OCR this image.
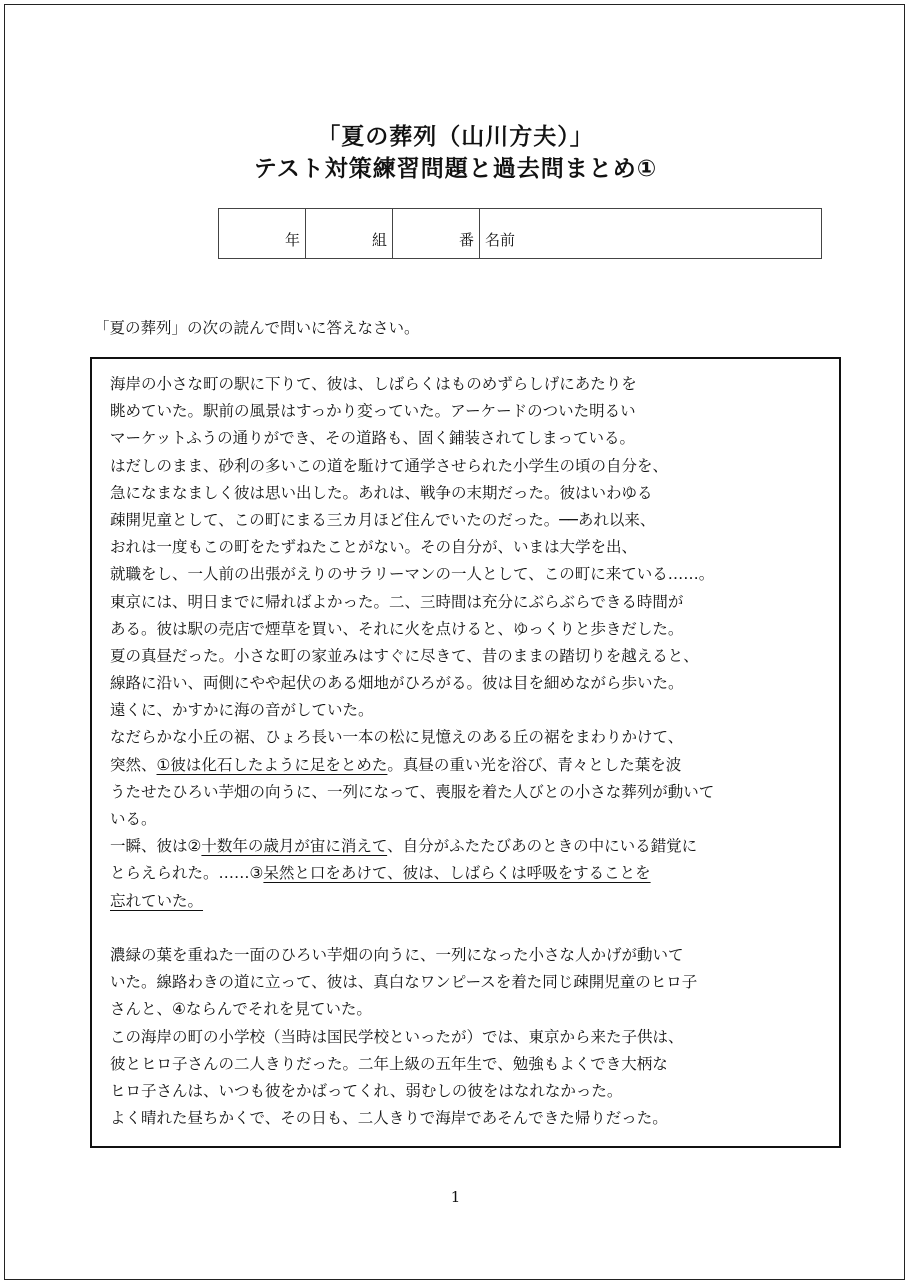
「夏の葬列（山川方夫）」
テスト対策練習問題と過去問まとめ①
年	組	番	名前
「夏の葬列」の次の読んで問いに答えなさい。
海岸の小さな町の駅に下りて、彼は、しばらくはものめずらしげにあたりを
眺めていた。駅前の風景はすっかり変っていた。アーケードのついた明るい
マーケットふうの通りができ、その道路も、固く鋪装されてしまっている。
はだしのまま、砂利の多いこの道を駈けて通学させられた小学生の頃の自分を、
急になまなましく彼は思い出した。あれは、戦争の末期だった。彼はいわゆる
疎開児童として、この町にまる三カ月ほど住んでいたのだった。──あれ以来、
おれは一度もこの町をたずねたことがない。その自分が、いまは大学を出、
就職をし、一人前の出張がえりのサラリーマンの一人として、この町に来ている……。
東京には、明日までに帰ればよかった。二、三時間は充分にぶらぶらできる時間が
ある。彼は駅の売店で煙草を買い、それに火を点けると、ゆっくりと歩きだした。
夏の真昼だった。小さな町の家並みはすぐに尽きて、昔のままの踏切りを越えると、
線路に沿い、両側にやや起伏のある畑地がひろがる。彼は目を細めながら歩いた。
遠くに、かすかに海の音がしていた。
なだらかな小丘の裾、ひょろ長い一本の松に見憶えのある丘の裾をまわりかけて、
突然、①彼は化石したように足をとめた。真昼の重い光を浴び、青々とした葉を波
うたせたひろい芋畑の向うに、一列になって、喪服を着た人びとの小さな葬列が動いて
いる。
一瞬、彼は②十数年の歳月が宙に消えて、自分がふたたびあのときの中にいる錯覚に
とらえられた。……③呆然と口をあけて、彼は、しばらくは呼吸をすることを
忘れていた。
濃緑の葉を重ねた一面のひろい芋畑の向うに、一列になった小さな人かげが動いて
いた。線路わきの道に立って、彼は、真白なワンピースを着た同じ疎開児童のヒロ子
さんと、④ならんでそれを見ていた。
この海岸の町の小学校（当時は国民学校といったが）では、東京から来た子供は、
彼とヒロ子さんの二人きりだった。二年上級の五年生で、勉強もよくでき大柄な
ヒロ子さんは、いつも彼をかばってくれ、弱むしの彼をはなれなかった。
よく晴れた昼ちかくで、その日も、二人きりで海岸であそんできた帰りだった。
1
